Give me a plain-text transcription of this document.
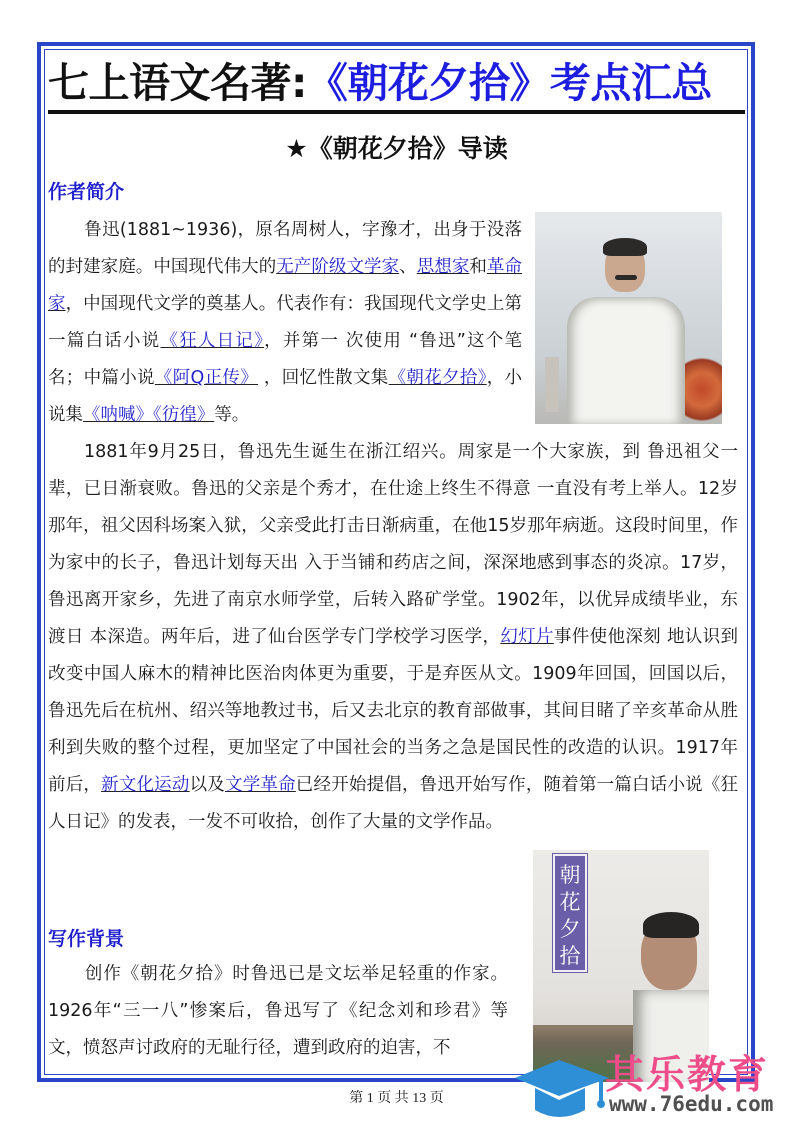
七上语文名著:《朝花夕拾》考点汇总
★《朝花夕拾》导读
作者简介
鲁迅(1881~1936)，原名周树人，字豫才，出身于没落的封建家庭。中国现代伟大的无产阶级文学家、思想家和革命家，中国现代文学的奠基人。代表作有：我国现代文学史上第一篇白话小说《狂人日记》，并第一 次使用 “鲁迅”这个笔名；中篇小说《阿Q正传》 ，回忆性散文集《朝花夕拾》，小说集《呐喊》《彷徨》等。
1881年9月25日，鲁迅先生诞生在浙江绍兴。周家是一个大家族，到 鲁迅祖父一辈，已日渐衰败。鲁迅的父亲是个秀才，在仕途上终生不得意 一直没有考上举人。12岁那年，祖父因科场案入狱，父亲受此打击日渐病重，在他15岁那年病逝。这段时间里，作为家中的长子，鲁迅计划每天出 入于当铺和药店之间，深深地感到事态的炎凉。17岁，鲁迅离开家乡，先进了南京水师学堂，后转入路矿学堂。1902年，以优异成绩毕业，东渡日 本深造。两年后，进了仙台医学专门学校学习医学，幻灯片事件使他深刻 地认识到改变中国人麻木的精神比医治肉体更为重要，于是弃医从文。1909年回国，回国以后，鲁迅先后在杭州、绍兴等地教过书，后又去北京的教育部做事，其间目睹了辛亥革命从胜利到失败的整个过程，更加坚定了中国社会的当务之急是国民性的改造的认识。1917年前后，新文化运动以及文学革命已经开始提倡，鲁迅开始写作，随着第一篇白话小说《狂人日记》的发表，一发不可收拾，创作了大量的文学作品。
写作背景
创作《朝花夕拾》时鲁迅已是文坛举足轻重的作家。1926年“三一八”惨案后，鲁迅写了《纪念刘和珍君》等文，愤怒声讨政府的无耻行径，遭到政府的迫害，不
朝
花
夕
拾
其乐教育
www.76edu.com
第 1 页 共 13 页
